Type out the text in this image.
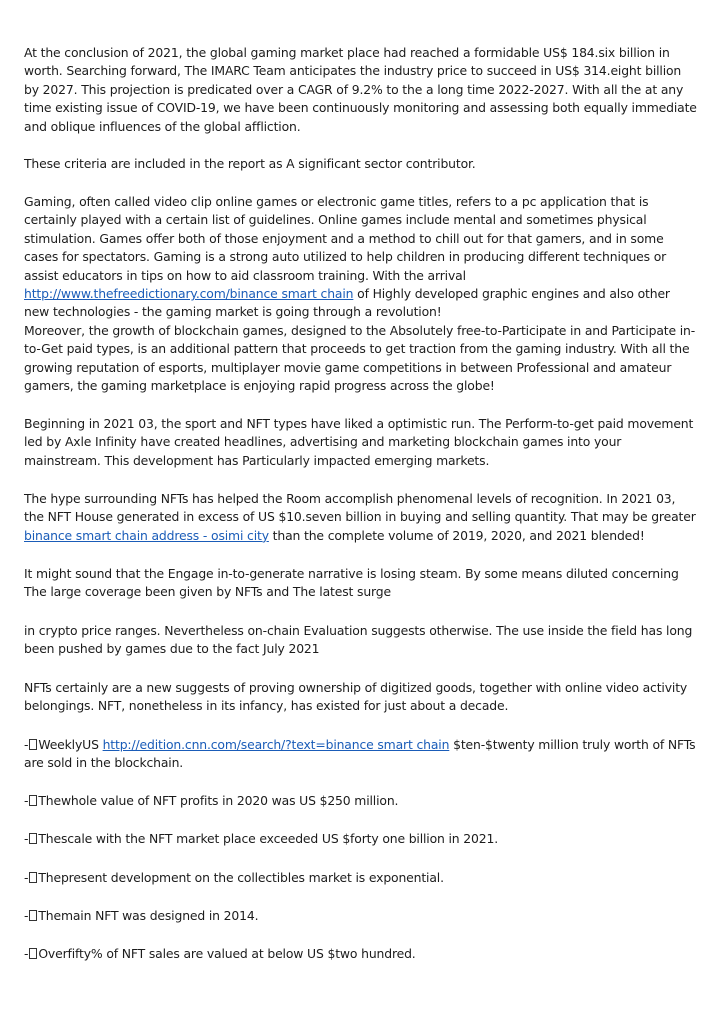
At the conclusion of 2021, the global gaming market place had reached a formidable US$ 184.six billion in worth. Searching forward, The IMARC Team anticipates the industry price to succeed in US$ 314.eight billion by 2027. This projection is predicated over a CAGR of 9.2% to the a long time 2022-2027. With all the at any time existing issue of COVID-19, we have been continuously monitoring and assessing both equally immediate and oblique influences of the global affliction.

These criteria are included in the report as A significant sector contributor.

Gaming, often called video clip online games or electronic game titles, refers to a pc application that is certainly played with a certain list of guidelines. Online games include mental and sometimes physical stimulation. Games offer both of those enjoyment and a method to chill out for that gamers, and in some cases for spectators. Gaming is a strong auto utilized to help children in producing different techniques or assist educators in tips on how to aid classroom training. With the arrival http://www.thefreedictionary.com/binance smart chain of Highly developed graphic engines and also other new technologies - the gaming market is going through a revolution!

Moreover, the growth of blockchain games, designed to the Absolutely free-to-Participate in and Participate in-to-Get paid types, is an additional pattern that proceeds to get traction from the gaming industry. With all the growing reputation of esports, multiplayer movie game competitions in between Professional and amateur gamers, the gaming marketplace is enjoying rapid progress across the globe!

Beginning in 2021 03, the sport and NFT types have liked a optimistic run. The Perform-to-get paid movement led by Axle Infinity have created headlines, advertising and marketing blockchain games into your mainstream. This development has Particularly impacted emerging markets.

The hype surrounding NFTs has helped the Room accomplish phenomenal levels of recognition. In 2021 03, the NFT House generated in excess of US $10.seven billion in buying and selling quantity. That may be greater binance smart chain address - osimi city than the complete volume of 2019, 2020, and 2021 blended!

It might sound that the Engage in-to-generate narrative is losing steam. By some means diluted concerning The large coverage been given by NFTs and The latest surge

in crypto price ranges. Nevertheless on-chain Evaluation suggests otherwise. The use inside the field has long been pushed by games due to the fact July 2021

NFTs certainly are a new suggests of proving ownership of digitized goods, together with online video activity belongings. NFT, nonetheless in its infancy, has existed for just about a decade.

- WeeklyUS http://edition.cnn.com/search/?text=binance smart chain $ten-$twenty million truly worth of NFTs are sold in the blockchain.

- Thewhole value of NFT profits in 2020 was US $250 million.

- Thescale with the NFT market place exceeded US $forty one billion in 2021.

- Thepresent development on the collectibles market is exponential.

- Themain NFT was designed in 2014.

- Overfifty% of NFT sales are valued at below US $two hundred.
